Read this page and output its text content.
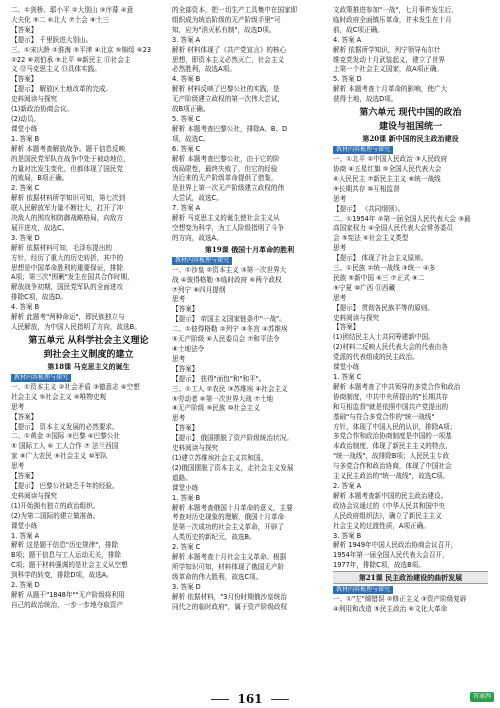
二、①剑桥、耶小平 ②大别山 ③序幕 ④意
大夫化 ⑤二 ⑥北大 ⑦土会 ⑧土三
【答案】
【提示】 千里跃进大别山。
三、①宋庆龄 ②淮海 ③平津 ④北京 ⑤锦绥 ⑥23
②22 ⑧刘伯承 ⑨北平 ⑩新民主 ⑪社会主
义 ⑫马克思主义 ⑬具体实践。
【答案】
【提示】 解放区土地改革的完成。
史料阅读与探究
(1)新政治协商会议。
(2)动员。
课堂小练
1. 答案 B
解析 本题考查解放战争。题干信息反映
的是国民党军队在战争中处于被动地位，
力量对比发生变化，但都体现了国民党
的败局，B项正确。
2. 答案 C
解析 依据材料所学知识可知，第七次到
联人民解放军力量不断壮大，打开了冲
决敌人的围攻和防御战略格局，向敌方
展开进攻，故选C。
3. 答案 D
解析 依据材料可知，毛泽东提出的
方针，经历了重大的历史转折，其中的
思想是中国革命胜利的重要保证，排除
A项；第三次"围剿"发生在国共合作时期，
解放战争初期，国民党军队的全面进攻
排除C项，故选D。
4. 答案 B
解析 此题考"两种命运"，即民族独立与
人民解放，为中国人民指明了方向，故选B。
第五单元 从科学社会主义理论
到社会主义制度的建立
第18课 马克思主义的诞生
教材内容梳理与探究
一、①资本主义 ②社会矛盾 ③德意志 ④空想
社会主义 ⑤社会主义 ⑥唯物史观
思考
【答案】
【提示】 资本主义发展的必然要求。
二、①黄金 ②国际 ③巴黎 ④巴黎公社
⑤ 国际工人 ⑥ 工人合作 ⑦ 法兰西国
家 ⑧广大农民 ⑨社会主义 ⑩军队
思考
【答案】
【提示】 巴黎公社缺乏千年的经验。
史料阅读与探究
(1)开始拥有独立的政治组织。
(2)为第二国际的建立做准备。
课堂小练
1. 答案 A
解析 这是题干信息"历史规律"，排除
B项；题干信息与工人运动无关，排除
C项；题干材料强调的是社会主义从空想
到科学的转变，排除D项，故选A。
2. 答案 D
解析 从题干"1848年""无产阶级将利用
自己的政治统治，一步一步地夺取资产
的全部资本，把一切生产工具集中在国家即
组织成为统治阶级的无产阶级手里"可
知，应为"消灭私有制"，故选D项。
3. 答案 A
解析 材料体现了《共产党宣言》的核心
思想，即资本主义必然灭亡、社会主义
必然胜利，故选A项。
4. 答案 B
解析 材料反映了巴黎公社的实践，是
无产阶级建立政权的第一次伟大尝试，
故B项正确。
5. 答案 C
解析 本题考查巴黎公社，排除A、B、D
项，故选C。
6. 答案 C
解析 本题考查巴黎公社，由于它的阶
级局限性，最终失败了，但它的经验
为后来的无产阶级革命提供了借鉴，
是世界上第一次无产阶级建立政权的伟
大尝试，故选C。
7. 答案 A
解析 马克思主义的诞生使社会主义从
空想变为科学，为工人阶级指明了斗争
的方向，故选A。
第19课 俄国十月革命的胜利
教材内容梳理与探究
一、①沙皇 ②资本主义 ③第一次世界大
战 ④彼得格勒 ⑤临时政府 ⑥两个政权
⑦列宁 ⑧四月提纲
思考
【答案】
【提示】 帝国主义国家链条中"一战"。
二、①彼得格勒 ②列宁 ③冬宫 ④苏维埃
⑤无产阶级 ⑥人民委员会 ⑦和平法令
⑧土地法令
思考
【答案】
【提示】 获得"面包"和"和平"。
三、①工人 ②农民 ③苏维埃 ④社会主义
⑤劳动者 ⑥第一次世界大战 ⑦土地
⑧无产阶级 ⑨民族 ⑩社会主义
思考
【答案】
【提示】 俄国摆脱了资产阶级统治状况。
史料阅读与探究
(1)建立苏维埃社会主义共和国。
(2)俄国摆脱了资本主义，走社会主义发展
道路。
课堂小练
1. 答案 B
解析 本题考查俄国十月革命的意义，主要
考查对历史现象的理解，俄国十月革命
是第一次成功的社会主义革命，开辟了
人类历史的新纪元，故选B。
2. 答案 C
解析 本题考查十月社会主义革命。根据
所学知识可知，材料体现了俄国无产阶
级革命的伟大胜利，故选C项。
3. 答案 D
解析 依据材料，"3月份时期俄沙皇统治
同代之的临时政府"，属于资产阶级政权
文政策推进参加"一战"，七月事件发生后，
临时政府全面镇压革命，并未发生在十月
前，故C项正确。
4. 答案 A
解析 依据所学知识，列宁领导布尔什
维克党发动十月武装起义，建立了世界
上第一个社会主义国家，故A项正确。
5. 答案 D
解析 本题考查十月革命的影响，使广大
获得土地，故选D项。
第六单元 现代中国的政治
建设与祖国统一
第20课 新中国的民主政治建设
教材内容梳理与探究
一、①北平 ②中国人民政治 ③人民政府
协商 ④五星红旗 ⑤全国人民代表大会
⑥人民民主 ⑦新民主主义 ⑧统一战线
⑨长期共存 ⑩互相监督
思考
【提示】 《共同纲领》。
二、①1954年 ②第一届全国人民代表大会 ③最
高国家权力 ④全国人民代表大会常务委员
会 ⑤宪法 ⑥社会主义类型
思考
【提示】 体现了社会主义原则。
三、①民族 ②统一战线 ③统一 ④多
民族 ⑤新中国 ⑥三 ⑦正式 ⑧二
⑨宁夏 ⑩广西 ⑪西藏
思考
【提示】 贯彻各民族平等的原则。
史料阅读与探究
【答案】
(1)团结民主人士共同筹建新中国。
(2)材料二反映人民代表大会的代表由各
党派的代表组成的民主政治。
课堂小练
1. 答案 C
解析 本题考查了中共领导的多党合作和政治
协商制度，中共中央所提出的"长期共存
和互相监督"就是依照中国共产党提出的
基础"与符合多党合作的"统一战线"
方针，体现了中国人民的认识，排除A项；
多党合作和政治协商制度是中国的一项基
本政治制度，体现了新民主主义的特点，
"统一战线"，故排除B项；人民民主专政
与多党合作和政治协商，体现了中国社会
主义民主政治的"统一战线"，故选C项。
2. 答案 A
解析 本题考查新中国的民主政治建设。
政协会议通过的《中华人民共和国中央
人民政府组织法》，确立了新民主主义
社会主义的过渡性质，A项正确。
3. 答案 B
解析 1949年中国人民政治协商会议召开，
1954年第一届全国人民代表大会召开，
1977年，排除C项，故选B项。
第21课 民主政治建设的曲折发展
教材内容梳理与探究
一、①"左"倾错误 ②修正主义 ③资产阶级复辟
④利用和改造 ⑤民主政治 ⑥文化大革命
161	答案网
